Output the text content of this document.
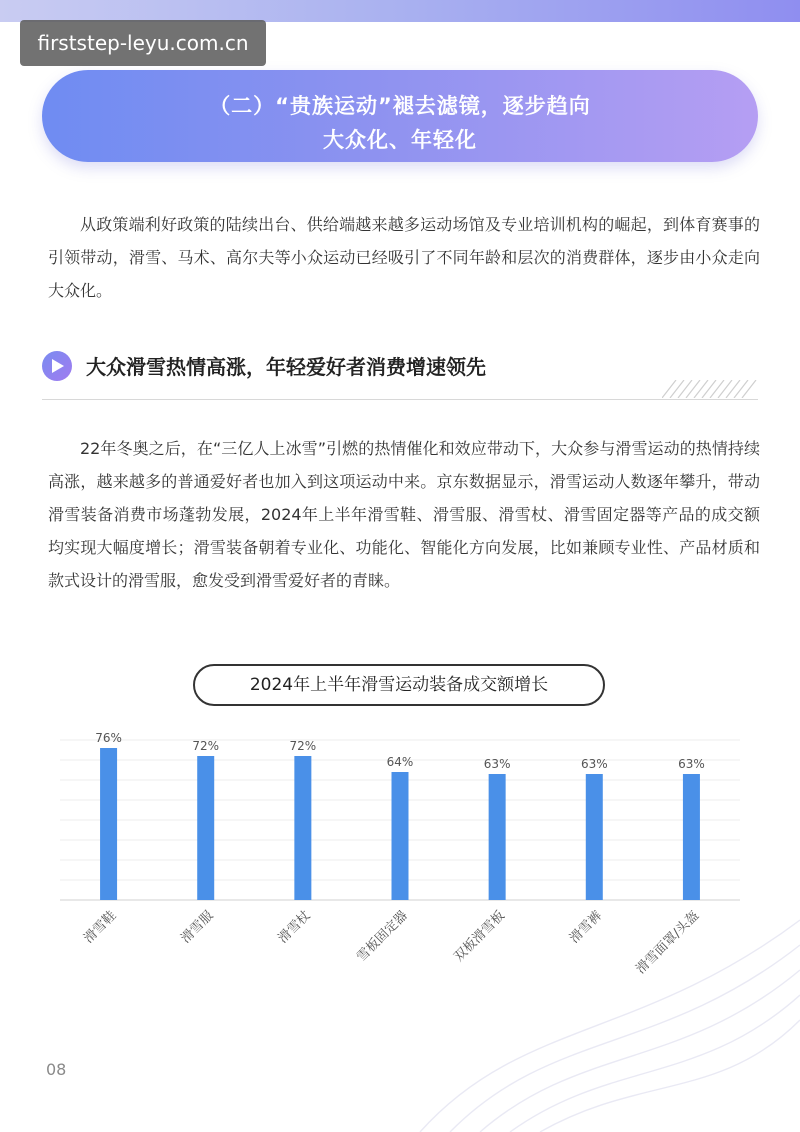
firststep-leyu.com.cn
（二）“贵族运动”褪去滤镜，逐步趋向
大众化、年轻化

从政策端利好政策的陆续出台、供给端越来越多运动场馆及专业培训机构的崛起，到体育赛事的引领带动，滑雪、马术、高尔夫等小众运动已经吸引了不同年龄和层次的消费群体，逐步由小众走向大众化。

大众滑雪热情高涨，年轻爱好者消费增速领先

22年冬奥之后，在“三亿人上冰雪”引燃的热情催化和效应带动下，大众参与滑雪运动的热情持续高涨，越来越多的普通爱好者也加入到这项运动中来。京东数据显示，滑雪运动人数逐年攀升，带动滑雪装备消费市场蓬勃发展，2024年上半年滑雪鞋、滑雪服、滑雪杖、滑雪固定器等产品的成交额均实现大幅度增长；滑雪装备朝着专业化、功能化、智能化方向发展，比如兼顾专业性、产品材质和款式设计的滑雪服，愈发受到滑雪爱好者的青睐。

2024年上半年滑雪运动装备成交额增长
76%
滑雪鞋
72%
滑雪服
72%
滑雪杖
64%
雪板固定器
63%
双板滑雪板
63%
滑雪裤
63%
滑雪面罩/头盔
08
